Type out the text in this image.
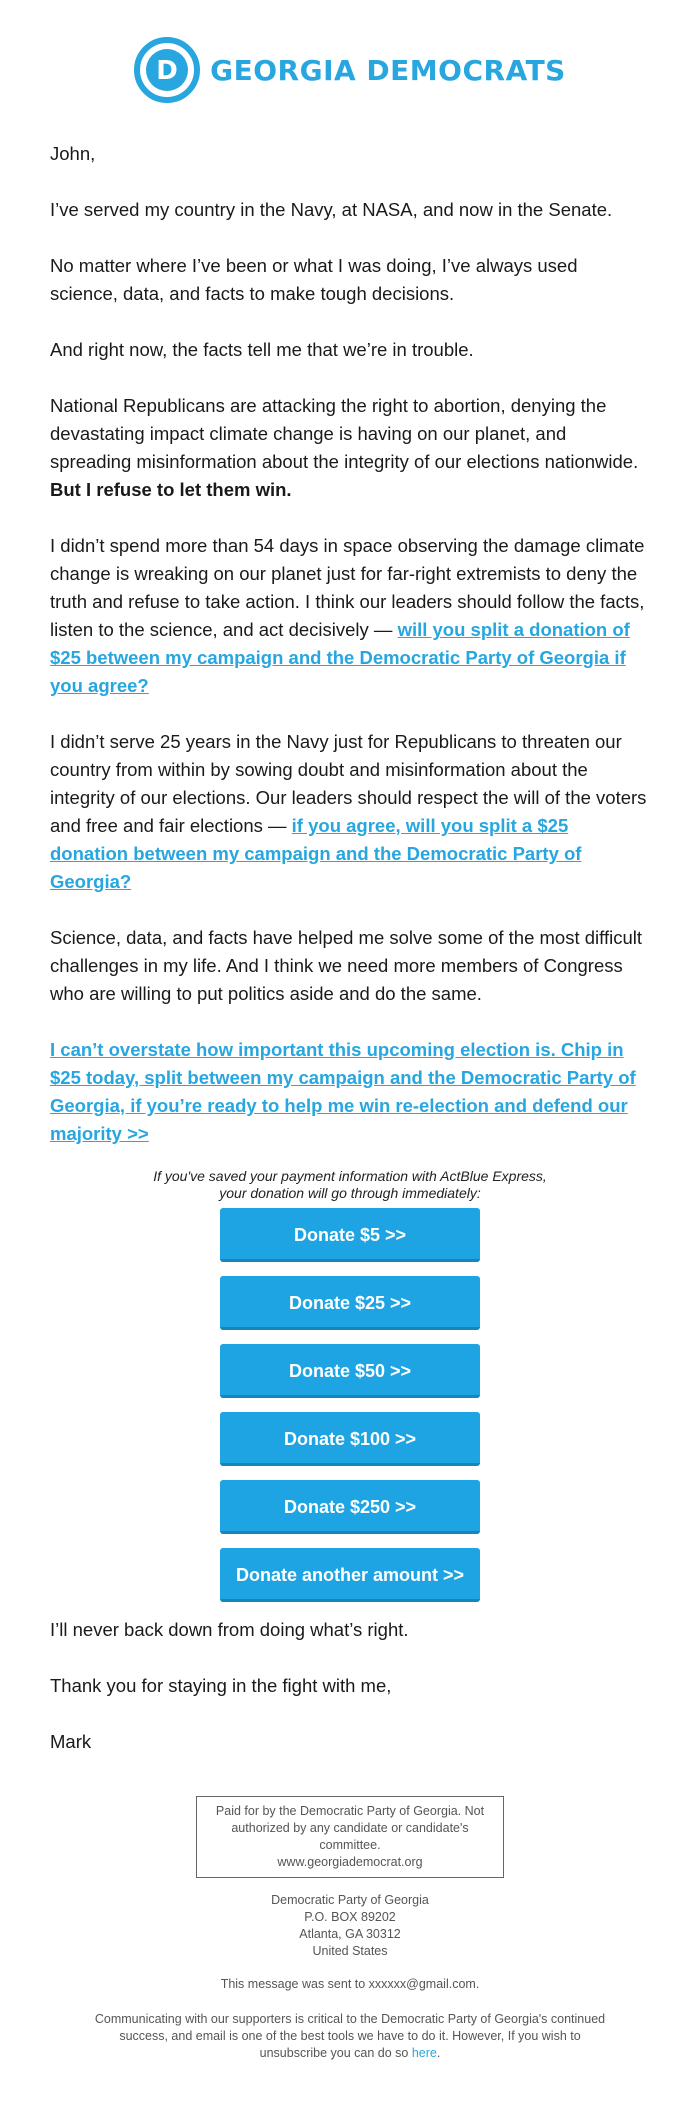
D GEORGIA DEMOCRATS

John,

I’ve served my country in the Navy, at NASA, and now in the Senate.

No matter where I’ve been or what I was doing, I’ve always used science, data, and facts to make tough decisions.

And right now, the facts tell me that we’re in trouble.

National Republicans are attacking the right to abortion, denying the devastating impact climate change is having on our planet, and spreading misinformation about the integrity of our elections nationwide. But I refuse to let them win.

I didn’t spend more than 54 days in space observing the damage climate change is wreaking on our planet just for far-right extremists to deny the truth and refuse to take action. I think our leaders should follow the facts, listen to the science, and act decisively — will you split a donation of $25 between my campaign and the Democratic Party of Georgia if you agree?

I didn’t serve 25 years in the Navy just for Republicans to threaten our country from within by sowing doubt and misinformation about the integrity of our elections. Our leaders should respect the will of the voters and free and fair elections — if you agree, will you split a $25 donation between my campaign and the Democratic Party of Georgia?

Science, data, and facts have helped me solve some of the most difficult challenges in my life. And I think we need more members of Congress who are willing to put politics aside and do the same.

I can’t overstate how important this upcoming election is. Chip in $25 today, split between my campaign and the Democratic Party of Georgia, if you’re ready to help me win re-election and defend our majority >>

If you've saved your payment information with ActBlue Express,
your donation will go through immediately:

Donate $5 >>
Donate $25 >>
Donate $50 >>
Donate $100 >>
Donate $250 >>
Donate another amount >>

I’ll never back down from doing what’s right.

Thank you for staying in the fight with me,

Mark

Paid for by the Democratic Party of Georgia. Not
authorized by any candidate or candidate's committee.
www.georgiademocrat.org
Democratic Party of Georgia
P.O. BOX 89202
Atlanta, GA 30312
United States
This message was sent to xxxxxx@gmail.com.
Communicating with our supporters is critical to the Democratic Party of Georgia's continued success, and email is one of the best tools we have to do it. However, If you wish to unsubscribe you can do so here.
